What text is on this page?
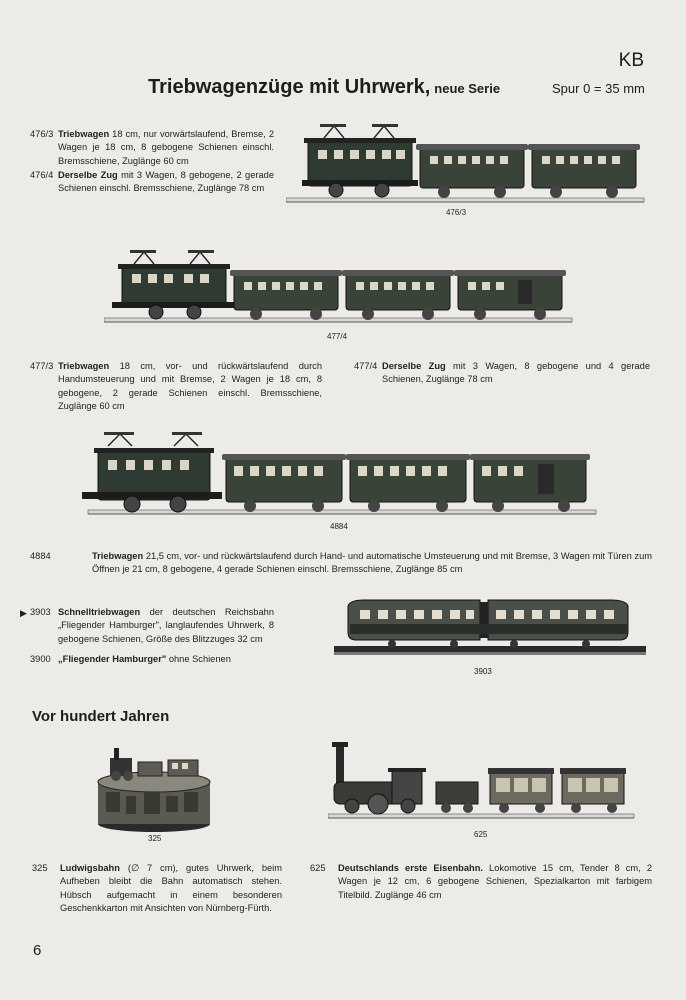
KB
Triebwagenzüge mit Uhrwerk, neue Serie	Spur 0 = 35 mm
476/3 Triebwagen 18 cm, nur vorwärtslaufend, Bremse, 2 Wagen je 18 cm, 8 gebogene Schienen einschl. Bremsschiene, Zuglänge 60 cm
476/4 Derselbe Zug mit 3 Wagen, 8 gebogene, 2 gerade Schienen einschl. Bremsschiene, Zuglänge 78 cm
476/3
477/4
477/3 Triebwagen 18 cm, vor- und rückwärtslaufend durch Handumsteuerung und mit Bremse, 2 Wagen je 18 cm, 8 gebogene, 2 gerade Schienen einschl. Bremsschiene, Zuglänge 60 cm
477/4 Derselbe Zug mit 3 Wagen, 8 gebogene und 4 gerade Schienen, Zuglänge 78 cm
4884
4884	Triebwagen 21,5 cm, vor- und rückwärtslaufend durch Hand- und automatische Umsteuerung und mit Bremse, 3 Wagen mit Türen zum Öffnen je 21 cm, 8 gebogene, 4 gerade Schienen einschl. Bremsschiene, Zuglänge 85 cm
▶ 3903 Schnelltriebwagen der deutschen Reichsbahn „Fliegender Hamburger", langlaufendes Uhrwerk, 8 gebogene Schienen, Größe des Blitzzuges 32 cm
3900 „Fliegender Hamburger" ohne Schienen
3903
Vor hundert Jahren
325	625
325 Ludwigsbahn (∅ 7 cm), gutes Uhrwerk, beim Aufheben bleibt die Bahn automatisch stehen. Hübsch aufgemacht in einem besonderen Geschenkkarton mit Ansichten von Nürnberg-Fürth.
625 Deutschlands erste Eisenbahn. Lokomotive 15 cm, Tender 8 cm, 2 Wagen je 12 cm, 6 gebogene Schienen, Spezialkarton mit farbigem Titelbild. Zuglänge 46 cm
6
